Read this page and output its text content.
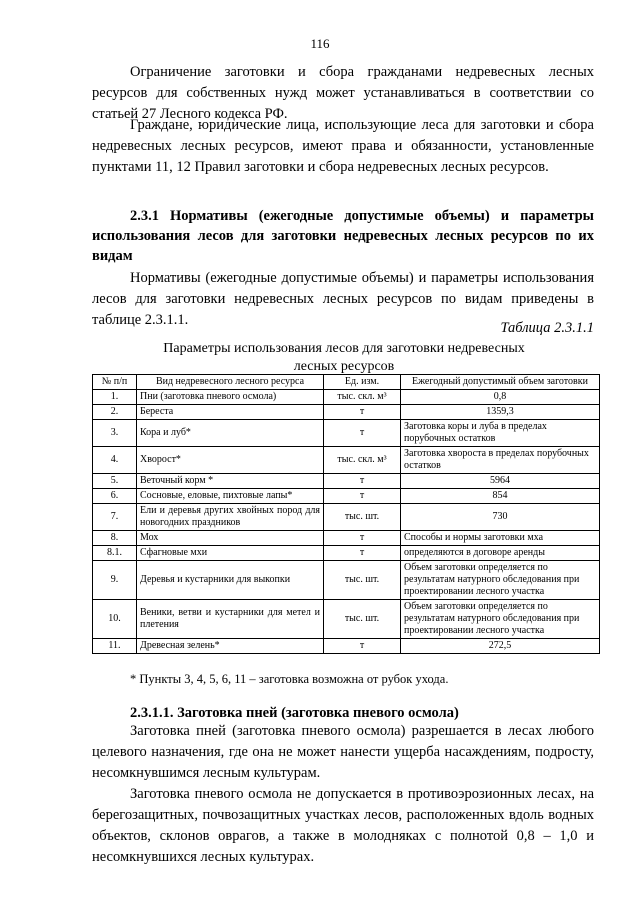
116

Ограничение заготовки и сбора гражданами недревесных лесных ресурсов для собственных нужд может устанавливаться в соответствии со статьей 27 Лесного кодекса РФ.

Граждане, юридические лица, использующие леса для заготовки и сбора недревесных лесных ресурсов, имеют права и обязанности, установленные пунктами 11, 12 Правил заготовки и сбора недревесных лесных ресурсов.

2.3.1 Нормативы (ежегодные допустимые объемы) и параметры использования лесов для заготовки недревесных лесных ресурсов по их видам

Нормативы (ежегодные допустимые объемы) и параметры использования лесов для заготовки недревесных лесных ресурсов по видам приведены в таблице 2.3.1.1.	Таблица 2.3.1.1
Параметры использования лесов для заготовки недревесных лесных ресурсов
№ п/п	Вид недревесного лесного ресурса	Ед. изм.	Ежегодный допустимый объем заготовки
1.	Пни (заготовка пневого осмола)	тыс. скл. м³	0,8
2.	Береста	т	1359,3
3.	Кора и луб*	т	Заготовка коры и луба в пределах порубочных остатков
4.	Хворост*	тыс. скл. м³	Заготовка хвороста в пределах порубочных остатков
5.	Веточный корм *	т	5964
6.	Сосновые, еловые, пихтовые лапы*	т	854
7.	Ели и деревья других хвойных пород для новогодних праздников	тыс. шт.	730
8.	Мох	т	Способы и нормы заготовки мха
8.1.	Сфагновые мхи	т	определяются в договоре аренды
9.	Деревья и кустарники для выкопки	тыс. шт.	Объем заготовки определяется по результатам натурного обследования при проектировании лесного участка
10.	Веники, ветви и кустарники для метел и плетения	тыс. шт.	Объем заготовки определяется по результатам натурного обследования при проектировании лесного участка
11.	Древесная зелень*	т	272,5
* Пункты 3, 4, 5, 6, 11 – заготовка возможна от рубок ухода.

2.3.1.1. Заготовка пней (заготовка пневого осмола)

Заготовка пней (заготовка пневого осмола) разрешается в лесах любого целевого назначения, где она не может нанести ущерба насаждениям, подросту, несомкнувшимся лесным культурам.

Заготовка пневого осмола не допускается в противоэрозионных лесах, на берегозащитных, почвозащитных участках лесов, расположенных вдоль водных объектов, склонов оврагов, а также в молодняках с полнотой 0,8 – 1,0 и несомкнувшихся лесных культурах.
